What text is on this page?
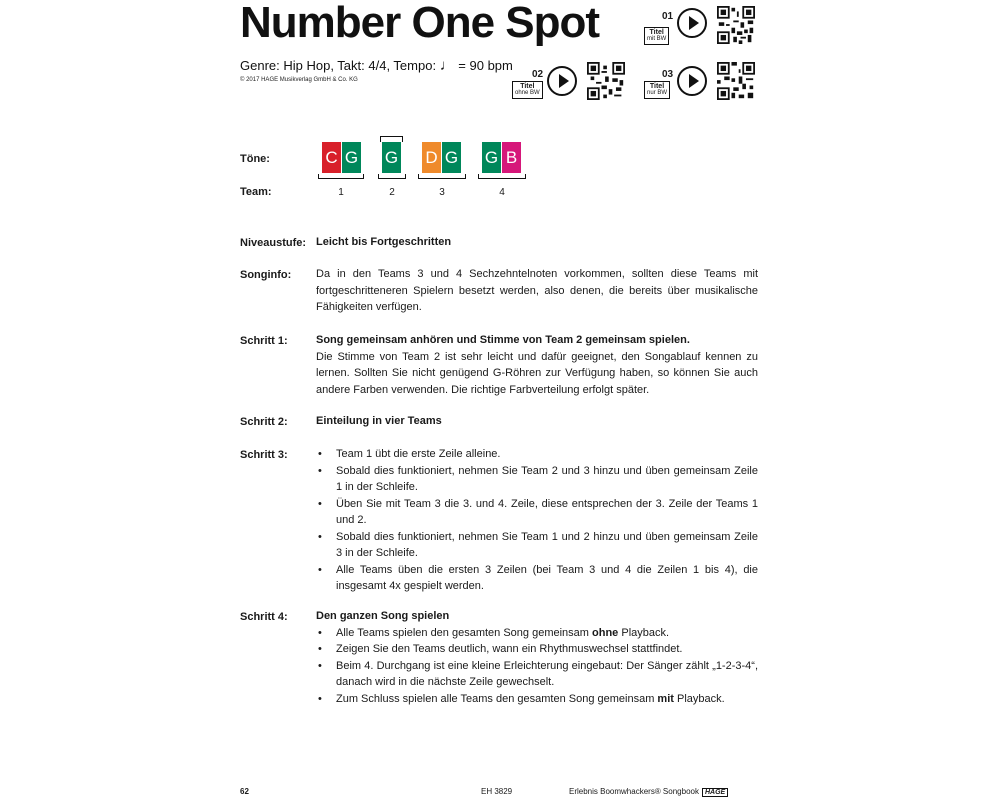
Number One Spot
Genre: Hip Hop, Takt: 4/4, Tempo: ♩ = 90 bpm
© 2017 HAGE Musikverlag GmbH & Co. KG
01
Titel
mit BW
02
Titel
ohne BW
03
Titel
nur BW
Töne:	C G G D G G B
Team:	1	2	3	4
Niveaustufe: Leicht bis Fortgeschritten
Songinfo: Da in den Teams 3 und 4 Sechzehntelnoten vorkommen, sollten diese Teams mit fortgeschritteneren Spielern besetzt werden, also denen, die bereits über musikalische Fähigkeiten verfügen.
Schritt 1:	Song gemeinsam anhören und Stimme von Team 2 gemeinsam spielen.
Die Stimme von Team 2 ist sehr leicht und dafür geeignet, den Songablauf kennen zu lernen. Sollten Sie nicht genügend G-Röhren zur Verfügung haben, so können Sie auch andere Farben verwenden. Die richtige Farbverteilung erfolgt später.
Schritt 2:	Einteilung in vier Teams
Schritt 3:
•	Team 1 übt die erste Zeile alleine.
• Sobald dies funktioniert, nehmen Sie Team 2 und 3 hinzu und üben gemeinsam Zeile 1 in der Schleife.
• Üben Sie mit Team 3 die 3. und 4. Zeile, diese entsprechen der 3. Zeile der Teams 1 und 2.
• Sobald dies funktioniert, nehmen Sie Team 1 und 2 hinzu und üben gemeinsam Zeile 3 in der Schleife.
• Alle Teams üben die ersten 3 Zeilen (bei Team 3 und 4 die Zeilen 1 bis 4), die insgesamt 4x gespielt werden.
Schritt 4:	Den ganzen Song spielen
• Alle Teams spielen den gesamten Song gemeinsam ohne Playback.
• Zeigen Sie den Teams deutlich, wann ein Rhythmuswechsel stattfindet.
• Beim 4. Durchgang ist eine kleine Erleichterung eingebaut: Der Sänger zählt „1-2-3-4“, danach wird in die nächste Zeile gewechselt.
• Zum Schluss spielen alle Teams den gesamten Song gemeinsam mit Playback.
62	EH 3829	Erlebnis Boomwhackers® Songbook HAGE
